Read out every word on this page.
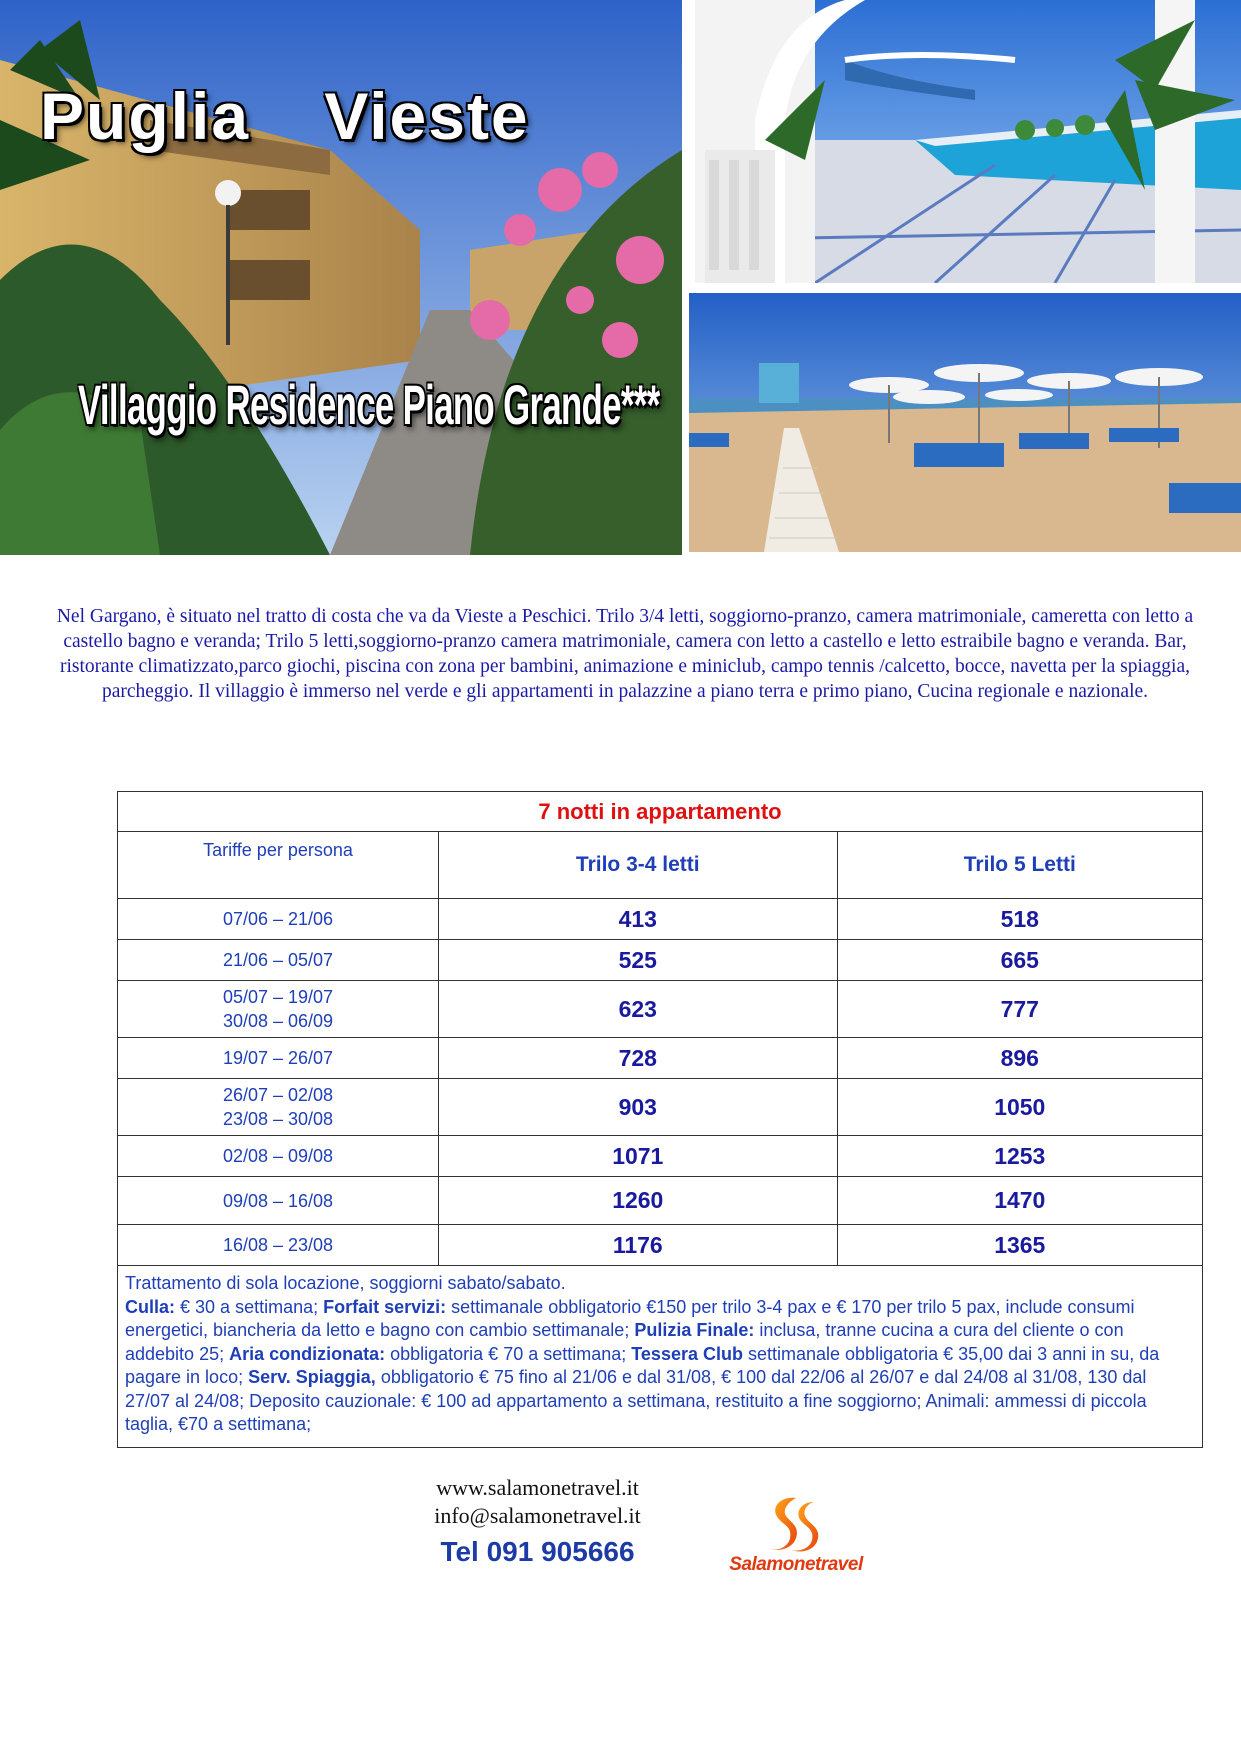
Puglia Vieste
Villaggio Residence Piano Grande***
Nel Gargano, è situato nel tratto di costa che va da Vieste a Peschici. Trilo 3/4 letti, soggiorno-pranzo, camera matrimoniale, cameretta con letto a castello bagno e veranda; Trilo 5 letti,soggiorno-pranzo camera matrimoniale, camera con letto a castello e letto estraibile bagno e veranda. Bar, ristorante climatizzato,parco giochi, piscina con zona per bambini, animazione e miniclub, campo tennis /calcetto, bocce, navetta per la spiaggia, parcheggio. Il villaggio è immerso nel verde e gli appartamenti in palazzine a piano terra e primo piano, Cucina regionale e nazionale.
7 notti in appartamento		
Tariffe per persona	Trilo 3-4 letti	Trilo 5 Letti
07/06 – 21/06	413	518
21/06 – 05/07	525	665
05/07 – 19/07
30/08 – 06/09	623	777
19/07 – 26/07	728	896
26/07 – 02/08
23/08 – 30/08	903	1050
02/08 – 09/08	1071	1253
09/08 – 16/08	1260	1470
16/08 – 23/08	1176	1365
Trattamento di sola locazione, soggiorni sabato/sabato.
Culla: € 30 a settimana; Forfait servizi: settimanale obbligatorio €150 per trilo 3-4 pax e € 170 per trilo 5 pax, include consumi energetici, biancheria da letto e bagno con cambio settimanale; Pulizia Finale: inclusa, tranne cucina a cura del cliente o con addebito 25; Aria condizionata: obbligatoria € 70 a settimana; Tessera Club settimanale obbligatoria € 35,00 dai 3 anni in su, da pagare in loco; Serv. Spiaggia, obbligatorio € 75 fino al 21/06 e dal 31/08, € 100 dal 22/06 al 26/07 e dal 24/08 al 31/08, 130 dal 27/07 al 24/08; Deposito cauzionale: € 100 ad appartamento a settimana, restituito a fine soggiorno; Animali: ammessi di piccola taglia, €70 a settimana;		
www.salamonetravel.it
info@salamonetravel.it
Tel 091 905666	Salamonetravel
